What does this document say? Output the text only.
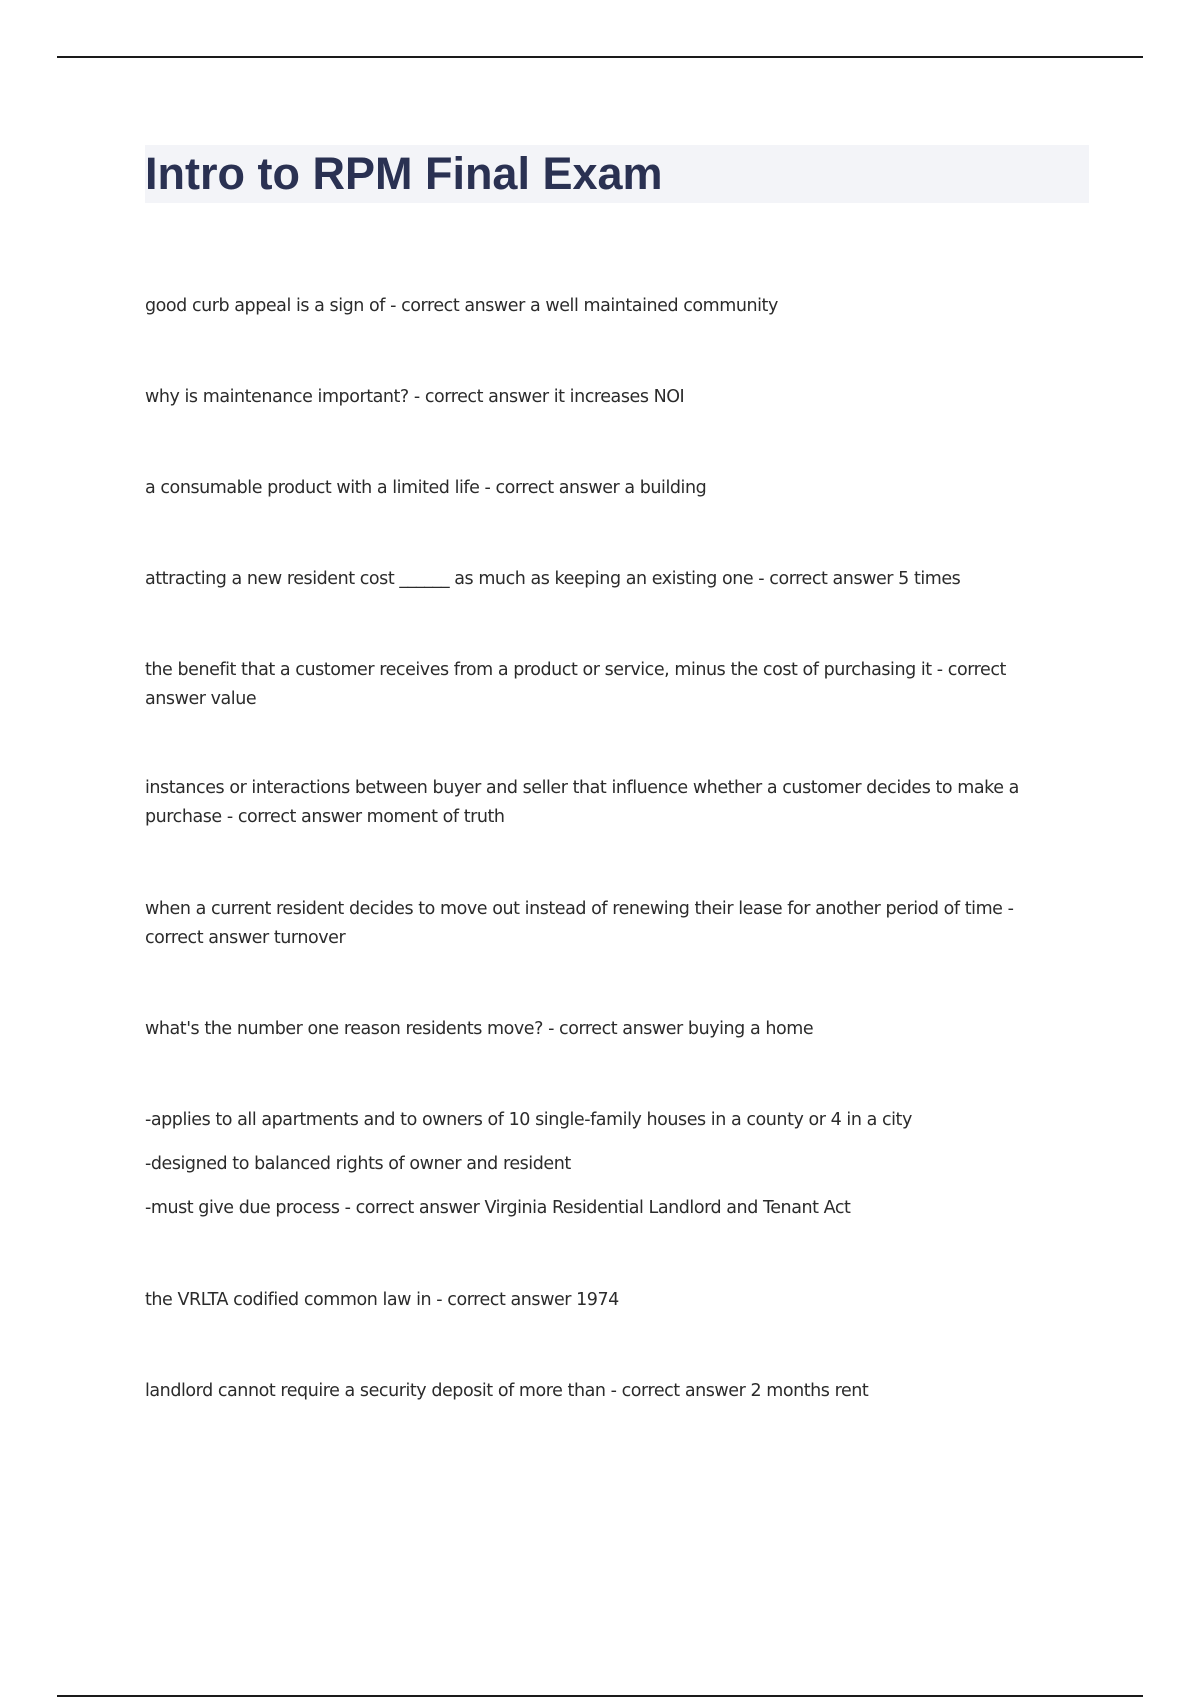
Intro to RPM Final Exam
good curb appeal is a sign of - correct answer a well maintained community
why is maintenance important? - correct answer it increases NOI
a consumable product with a limited life - correct answer a building
attracting a new resident cost ______ as much as keeping an existing one - correct answer 5 times
the benefit that a customer receives from a product or service, minus the cost of purchasing it - correct
answer value
instances or interactions between buyer and seller that influence whether a customer decides to make a
purchase - correct answer moment of truth
when a current resident decides to move out instead of renewing their lease for another period of time -
correct answer turnover
what's the number one reason residents move? - correct answer buying a home
-applies to all apartments and to owners of 10 single-family houses in a county or 4 in a city
-designed to balanced rights of owner and resident
-must give due process - correct answer Virginia Residential Landlord and Tenant Act
the VRLTA codified common law in - correct answer 1974
landlord cannot require a security deposit of more than - correct answer 2 months rent
